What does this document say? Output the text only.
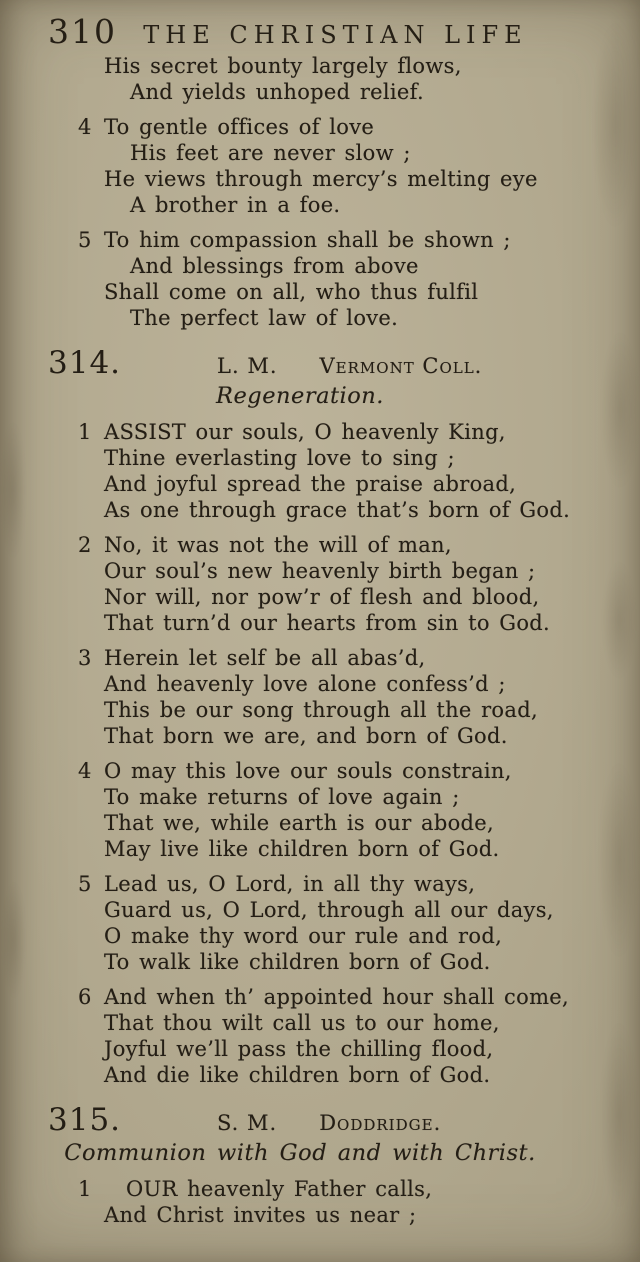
310	THE CHRISTIAN LIFE
His secret bounty largely flows,
And yields unhoped relief.
4 To gentle offices of love
His feet are never slow ;
He views through mercy’s melting eye
A brother in a foe.
5 To him compassion shall be shown ;
And blessings from above
Shall come on all, who thus fulfil
The perfect law of love.
314.	L. M. Vermont Coll.
Regeneration.
1 ASSIST our souls, O heavenly King,
Thine everlasting love to sing ;
And joyful spread the praise abroad,
As one through grace that’s born of God.
2 No, it was not the will of man,
Our soul’s new heavenly birth began ;
Nor will, nor pow’r of flesh and blood,
That turn’d our hearts from sin to God.
3 Herein let self be all abas’d,
And heavenly love alone confess’d ;
This be our song through all the road,
That born we are, and born of God.
4 O may this love our souls constrain,
To make returns of love again ;
That we, while earth is our abode,
May live like children born of God.
5 Lead us, O Lord, in all thy ways,
Guard us, O Lord, through all our days,
O make thy word our rule and rod,
To walk like children born of God.
6 And when th’ appointed hour shall come,
That thou wilt call us to our home,
Joyful we’ll pass the chilling flood,
And die like children born of God.
315.	S. M. Doddridge.
Communion with God and with Christ.
1 OUR heavenly Father calls,
And Christ invites us near ;
